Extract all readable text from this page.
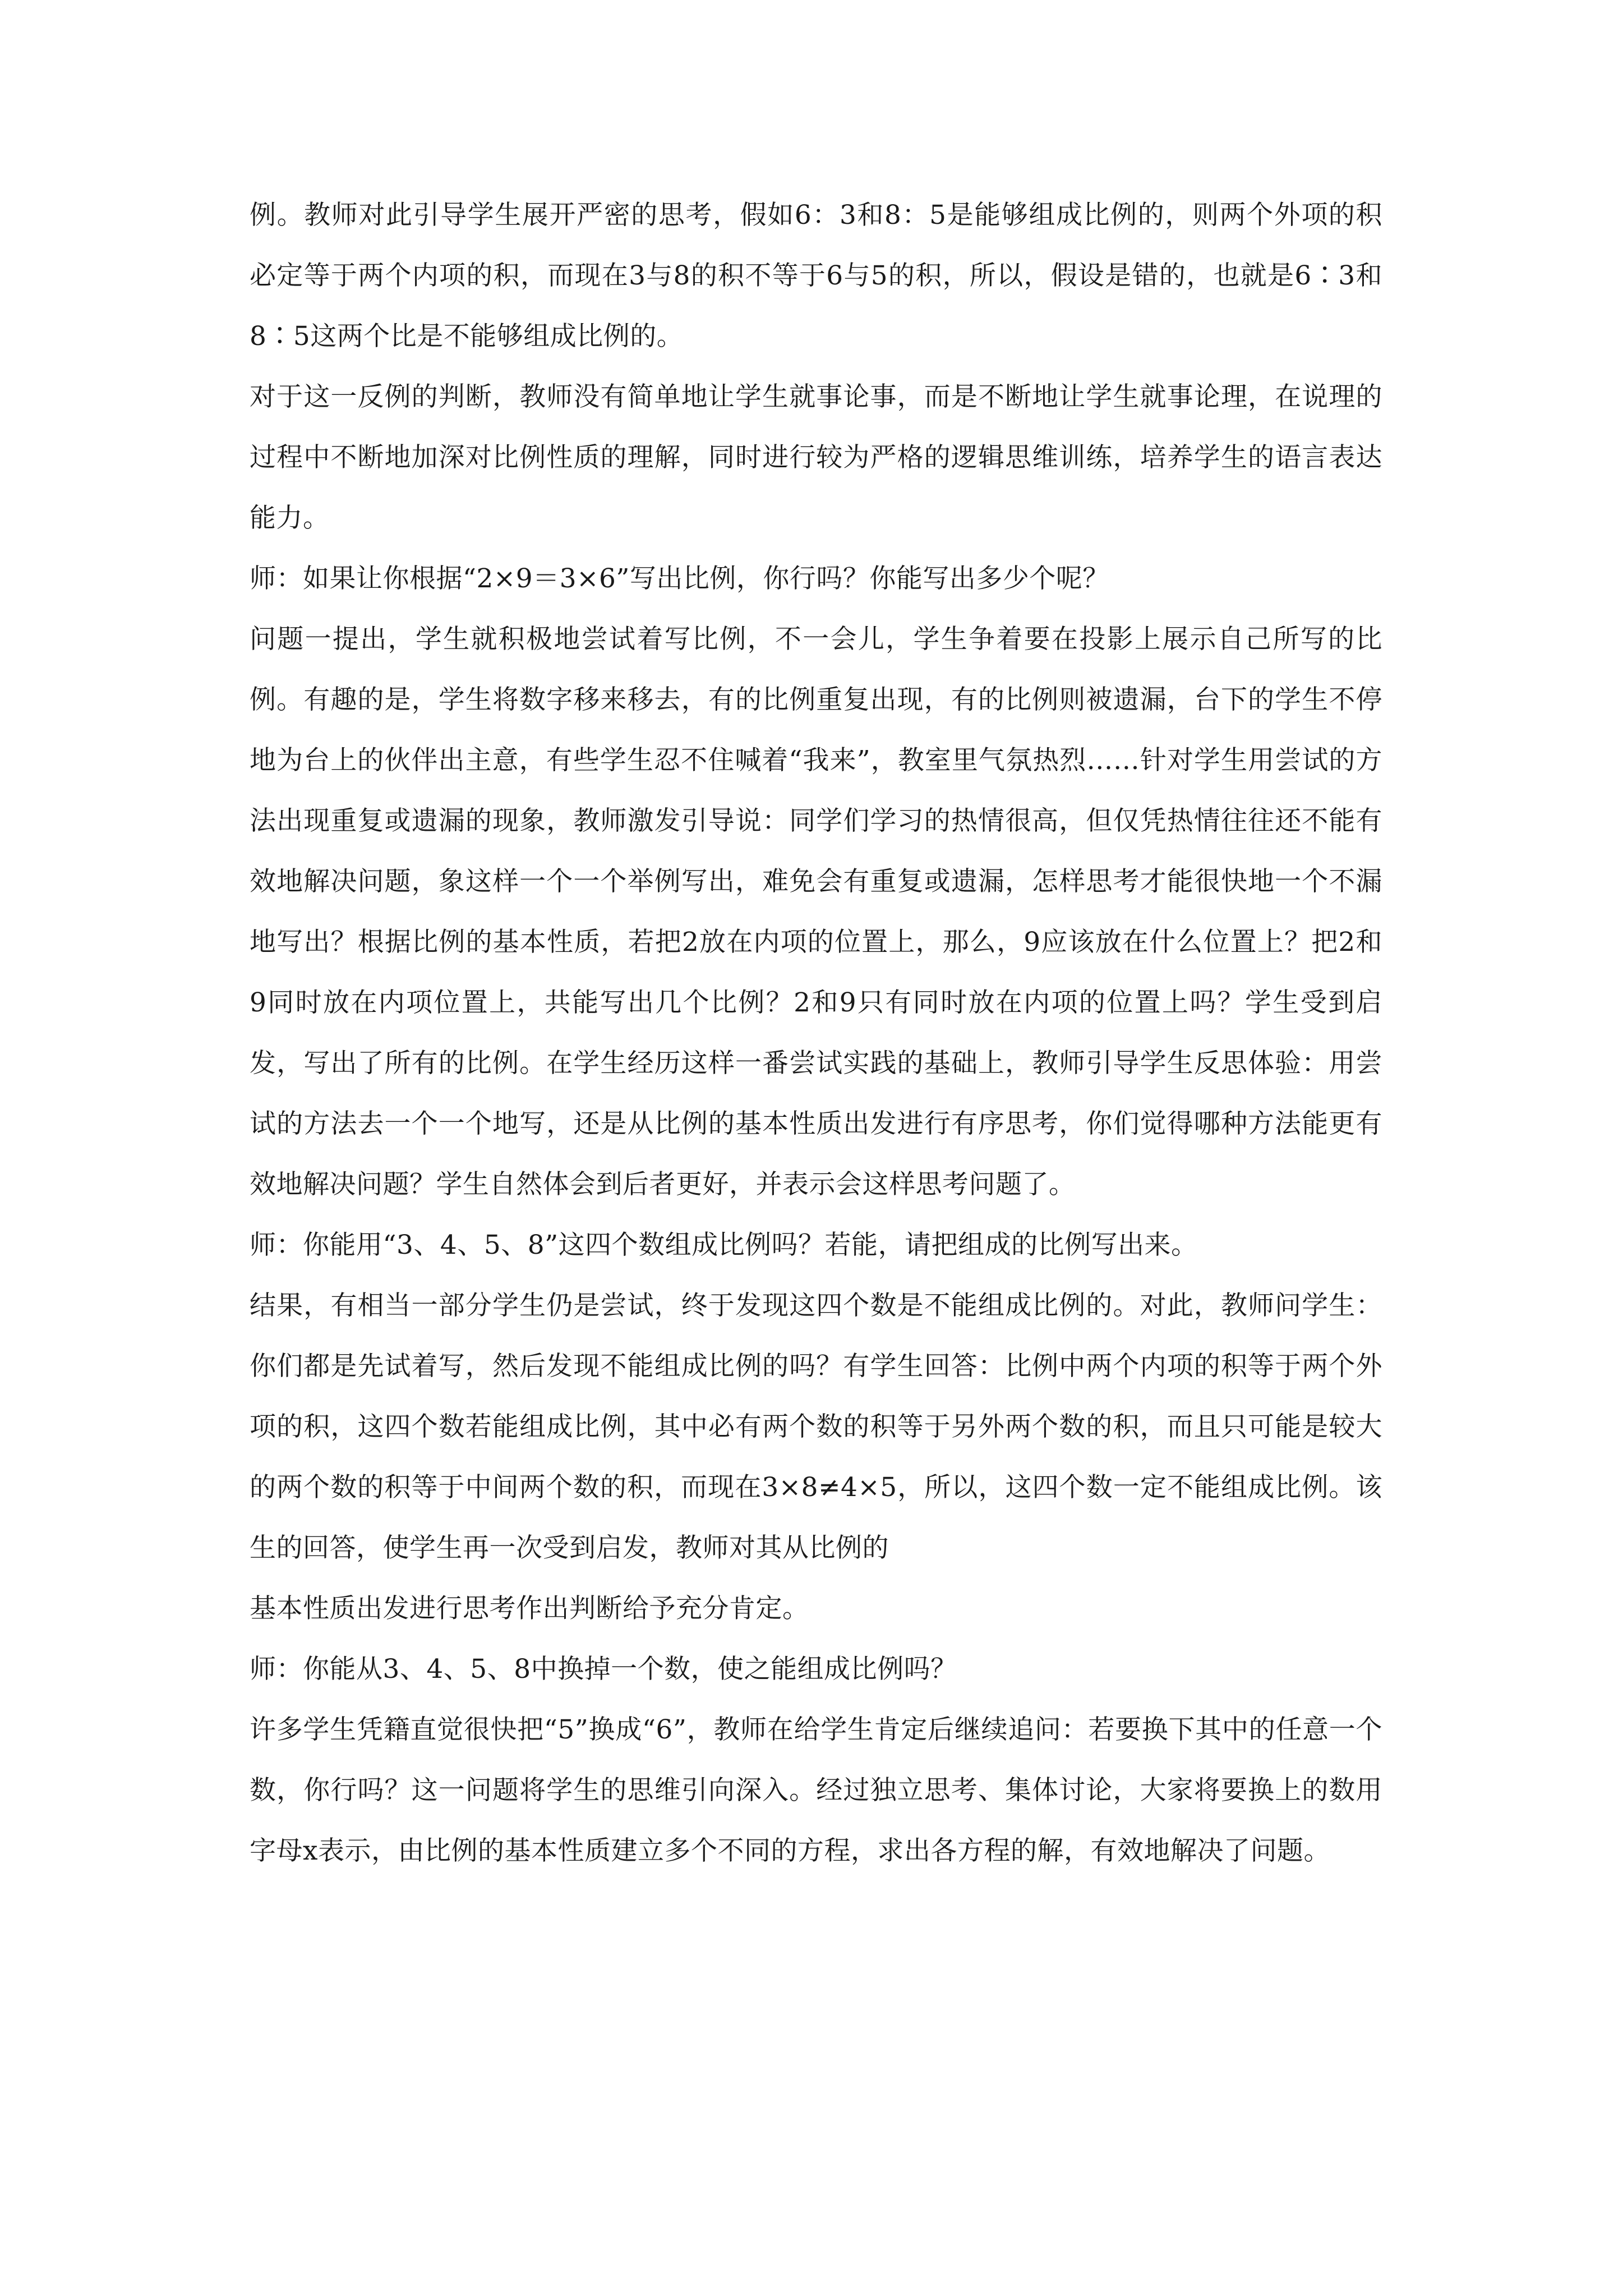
例。教师对此引导学生展开严密的思考，假如6：3和8：5是能够组成比例的，则两个外项的积必定等于两个内项的积，而现在3与8的积不等于6与5的积，所以，假设是错的，也就是6∶3和8∶5这两个比是不能够组成比例的。

对于这一反例的判断，教师没有简单地让学生就事论事，而是不断地让学生就事论理，在说理的过程中不断地加深对比例性质的理解，同时进行较为严格的逻辑思维训练，培养学生的语言表达能力。

师：如果让你根据“2×9＝3×6”写出比例，你行吗？你能写出多少个呢？

问题一提出，学生就积极地尝试着写比例，不一会儿，学生争着要在投影上展示自己所写的比例。有趣的是，学生将数字移来移去，有的比例重复出现，有的比例则被遗漏，台下的学生不停地为台上的伙伴出主意，有些学生忍不住喊着“我来”，教室里气氛热烈……针对学生用尝试的方法出现重复或遗漏的现象，教师激发引导说：同学们学习的热情很高，但仅凭热情往往还不能有效地解决问题，象这样一个一个举例写出，难免会有重复或遗漏，怎样思考才能很快地一个不漏地写出？根据比例的基本性质，若把2放在内项的位置上，那么，9应该放在什么位置上？把2和9同时放在内项位置上，共能写出几个比例？2和9只有同时放在内项的位置上吗？学生受到启发，写出了所有的比例。在学生经历这样一番尝试实践的基础上，教师引导学生反思体验：用尝试的方法去一个一个地写，还是从比例的基本性质出发进行有序思考，你们觉得哪种方法能更有效地解决问题？学生自然体会到后者更好，并表示会这样思考问题了。

师：你能用“3、4、5、8”这四个数组成比例吗？若能，请把组成的比例写出来。

结果，有相当一部分学生仍是尝试，终于发现这四个数是不能组成比例的。对此，教师问学生：你们都是先试着写，然后发现不能组成比例的吗？有学生回答：比例中两个内项的积等于两个外项的积，这四个数若能组成比例，其中必有两个数的积等于另外两个数的积，而且只可能是较大的两个数的积等于中间两个数的积，而现在3×8≠4×5，所以，这四个数一定不能组成比例。该生的回答，使学生再一次受到启发，教师对其从比例的

基本性质出发进行思考作出判断给予充分肯定。

师：你能从3、4、5、8中换掉一个数，使之能组成比例吗？

许多学生凭籍直觉很快把“5”换成“6”，教师在给学生肯定后继续追问：若要换下其中的任意一个数，你行吗？这一问题将学生的思维引向深入。经过独立思考、集体讨论，大家将要换上的数用字母x表示，由比例的基本性质建立多个不同的方程，求出各方程的解，有效地解决了问题。
